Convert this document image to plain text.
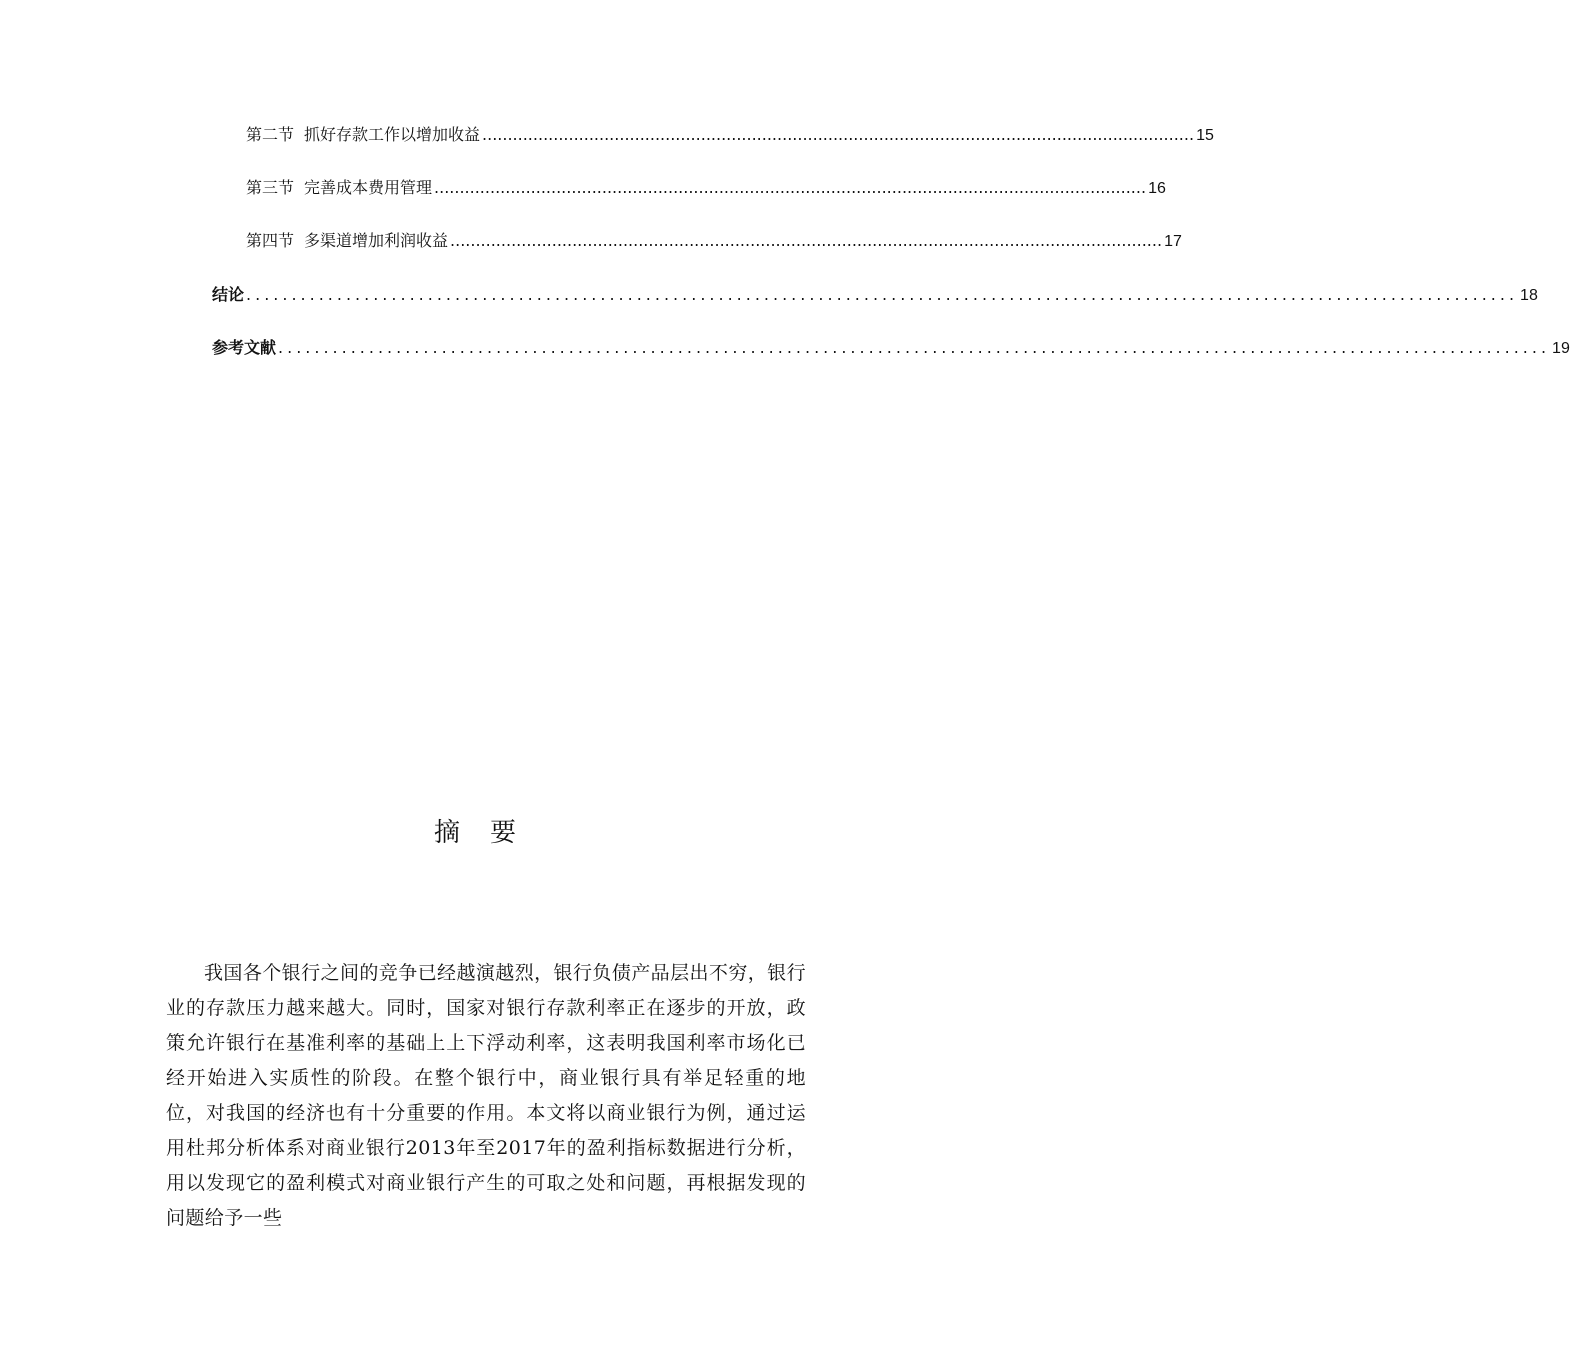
第二节 抓好存款工作以增加收益 ............................................................................................................................................ 15
第三节 完善成本费用管理 ............................................................................................................................................ 16
第四节 多渠道增加利润收益 ............................................................................................................................................ 17
结论 ............................................................................................................................................ 18
参考文献 ............................................................................................................................................ 19
摘要

我国各个银行之间的竞争已经越演越烈，银行负债产品层出不穷，银行业的存款压力越来越大。同时，国家对银行存款利率正在逐步的开放，政策允许银行在基准利率的基础上上下浮动利率，这表明我国利率市场化已经开始进入实质性的阶段。在整个银行中，商业银行具有举足轻重的地位，对我国的经济也有十分重要的作用。本文将以商业银行为例，通过运用杜邦分析体系对商业银行2013年至2017年的盈利指标数据进行分析，用以发现它的盈利模式对商业银行产生的可取之处和问题，再根据发现的问题给予一些
